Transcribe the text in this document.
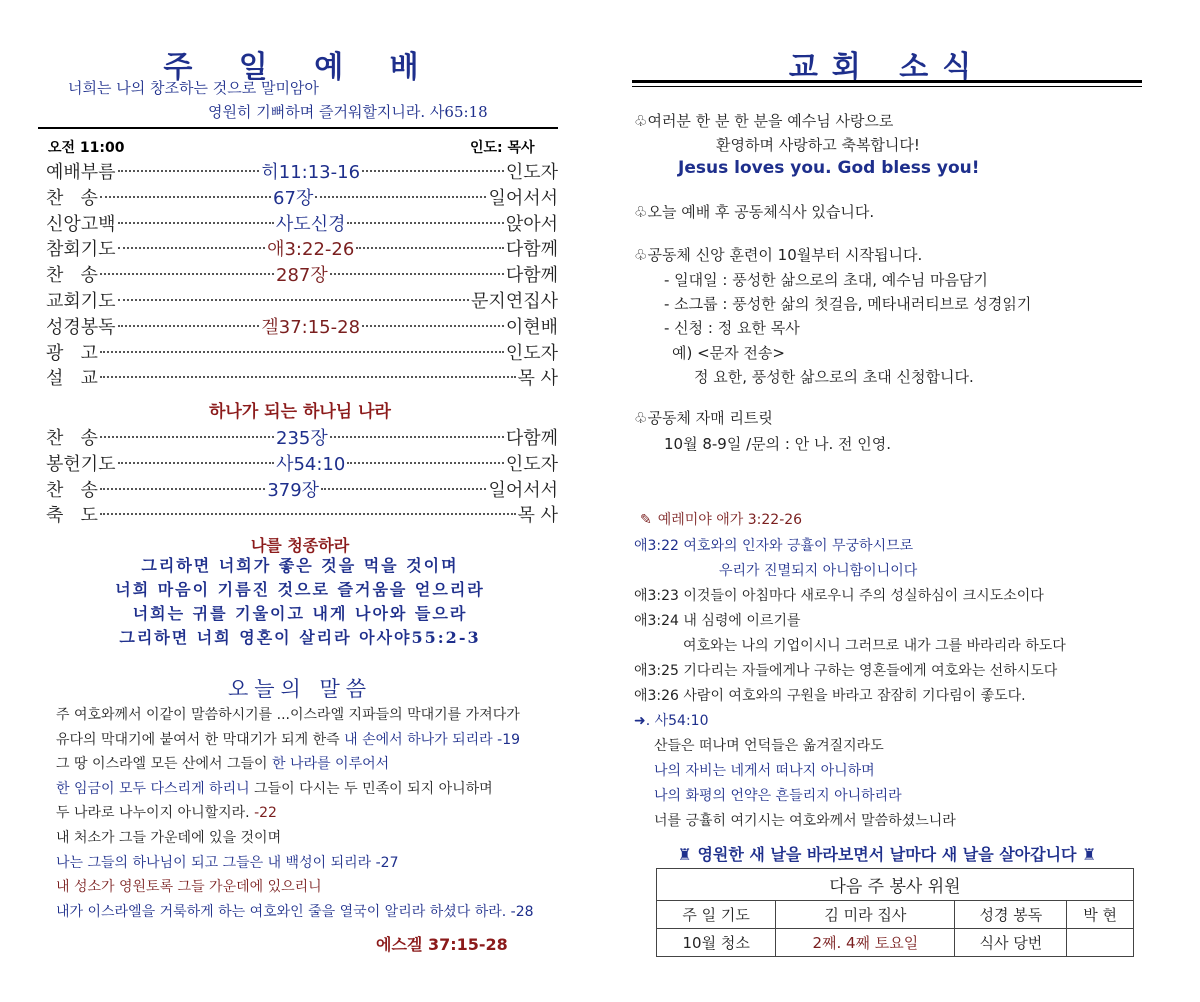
주 일 예 배
너희는 나의 창조하는 것으로 말미암아
영원히 기뻐하며 즐거워할지니라. 사65:18
오전 11:00	인도: 목사
예배부름	히11:13-16	인도자
찬   송	67장	일어서서
신앙고백	사도신경	앉아서
참회기도	애3:22-26	다함께
찬   송	287장	다함께
교회기도	문지연집사
성경봉독	겔37:15-28	이현배
광   고	인도자
설   교	목 사
하나가 되는 하나님 나라
찬   송	235장	다함께
봉헌기도	사54:10	인도자
찬   송	379장	일어서서
축   도	목 사
나를 청종하라
그리하면 너희가 좋은 것을 먹을 것이며
너희 마음이 기름진 것으로 즐거움을 얻으리라
너희는 귀를 기울이고 내게 나아와 들으라
그리하면 너희 영혼이 살리라 아사야55:2-3
오늘의 말씀
주 여호와께서 이같이 말씀하시기를 ...이스라엘 지파들의 막대기를 가져다가
유다의 막대기에 붙여서 한 막대기가 되게 한즉 내 손에서 하나가 되리라 -19
그 땅 이스라엘 모든 산에서 그들이 한 나라를 이루어서
한 임금이 모두 다스리게 하리니 그들이 다시는 두 민족이 되지 아니하며
두 나라로 나누이지 아니할지라. -22
내 처소가 그들 가운데에 있을 것이며
나는 그들의 하나님이 되고 그들은 내 백성이 되리라 -27
내 성소가 영원토록 그들 가운데에 있으리니
내가 이스라엘을 거룩하게 하는 여호와인 줄을 열국이 알리라 하셨다 하라. -28
에스겔 37:15-28
교회 소식
♧여러분 한 분 한 분을 예수님 사랑으로
환영하며 사랑하고 축복합니다!
Jesus loves you. God bless you!
♧오늘 예배 후 공동체식사 있습니다.
♧공동체 신앙 훈련이 10월부터 시작됩니다.
- 일대일 : 풍성한 삶으로의 초대, 예수님 마음담기
- 소그룹 : 풍성한 삶의 첫걸음, 메타내러티브로 성경읽기
- 신청 : 정 요한 목사
예) <문자 전송>
정 요한, 풍성한 삶으로의 초대 신청합니다.
♧공동체 자매 리트릿
10월 8-9일 /문의 : 안 나. 전 인영.
✎ 예레미야 애가 3:22-26
애3:22 여호와의 인자와 긍휼이 무궁하시므로
우리가 진멸되지 아니함이니이다
애3:23 이것들이 아침마다 새로우니 주의 성실하심이 크시도소이다
애3:24 내 심령에 이르기를
여호와는 나의 기업이시니 그러므로 내가 그를 바라리라 하도다
애3:25 기다리는 자들에게나 구하는 영혼들에게 여호와는 선하시도다
애3:26 사람이 여호와의 구원을 바라고 잠잠히 기다림이 좋도다.
➜. 사54:10
산들은 떠나며 언덕들은 옮겨질지라도
나의 자비는 네게서 떠나지 아니하며
나의 화평의 언약은 흔들리지 아니하리라
너를 긍휼히 여기시는 여호와께서 말씀하셨느니라
♜ 영원한 새 날을 바라보면서 날마다 새 날을 살아갑니다 ♜
다음 주 봉사 위원			
주 일 기도	김 미라 집사	성경 봉독	박 현
10월 청소	2째. 4째 토요일	식사 당번	
